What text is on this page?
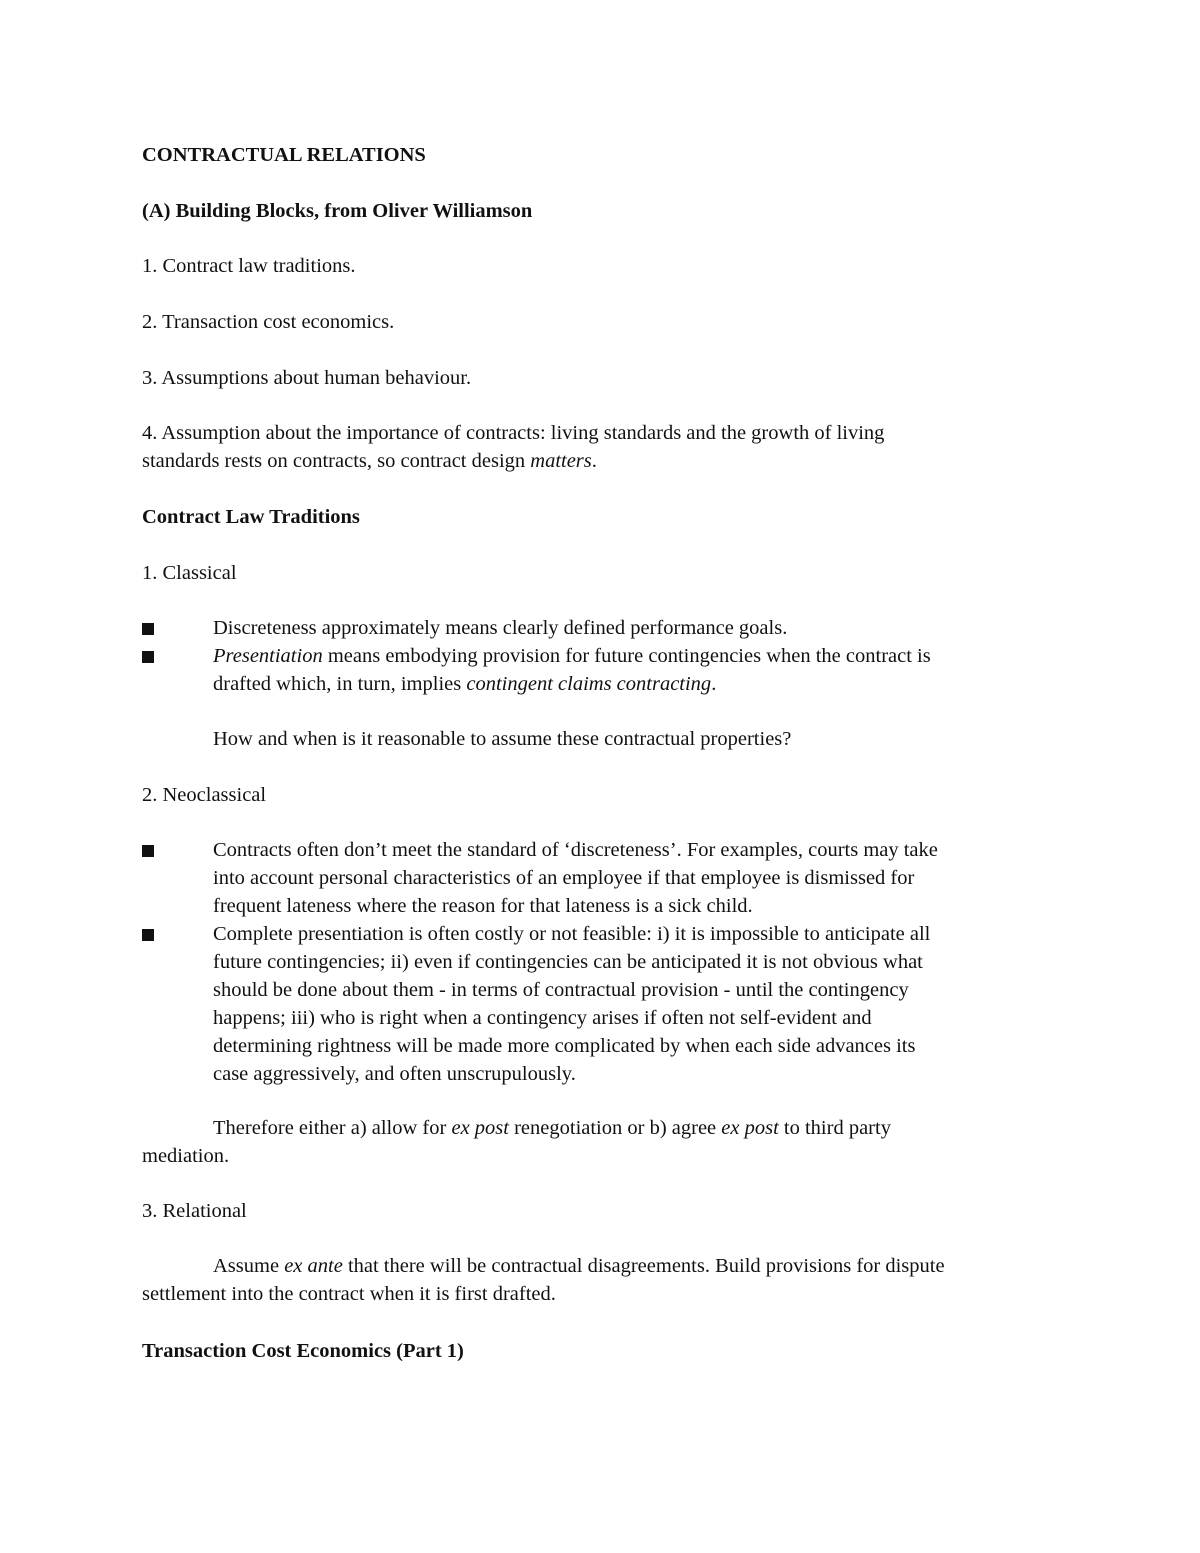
CONTRACTUAL RELATIONS
(A) Building Blocks, from Oliver Williamson
1. Contract law traditions.
2. Transaction cost economics.
3. Assumptions about human behaviour.
4. Assumption about the importance of contracts: living standards and the growth of living
standards rests on contracts, so contract design matters.
Contract Law Traditions
1. Classical
Discreteness approximately means clearly defined performance goals.
Presentiation means embodying provision for future contingencies when the contract is
drafted which, in turn, implies contingent claims contracting.
How and when is it reasonable to assume these contractual properties?
2. Neoclassical
Contracts often don’t meet the standard of ‘discreteness’. For examples, courts may take
into account personal characteristics of an employee if that employee is dismissed for
frequent lateness where the reason for that lateness is a sick child.
Complete presentiation is often costly or not feasible: i) it is impossible to anticipate all
future contingencies; ii) even if contingencies can be anticipated it is not obvious what
should be done about them - in terms of contractual provision - until the contingency
happens; iii) who is right when a contingency arises if often not self-evident and
determining rightness will be made more complicated by when each side advances its
case aggressively, and often unscrupulously.
Therefore either a) allow for ex post renegotiation or b) agree ex post to third party
mediation.
3. Relational
Assume ex ante that there will be contractual disagreements. Build provisions for dispute
settlement into the contract when it is first drafted.
Transaction Cost Economics (Part 1)
